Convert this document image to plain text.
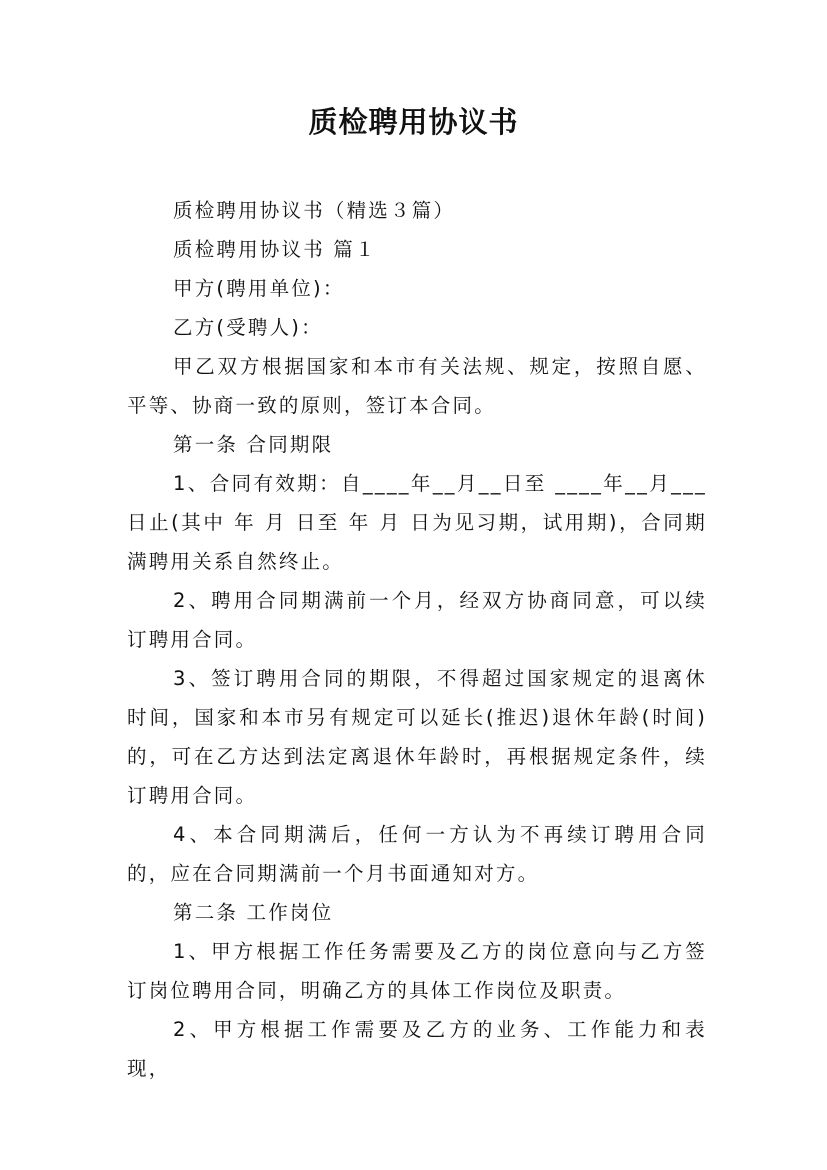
质检聘用协议书

质检聘用协议书（精选３篇）

质检聘用协议书 篇１

甲方(聘用单位)：

乙方(受聘人)：

甲乙双方根据国家和本市有关法规、规定，按照自愿、平等、协商一致的原则，签订本合同。

第一条 合同期限

1、合同有效期：自____年__月__日至 ____年__月___日止(其中 年 月 日至 年 月 日为见习期，试用期)，合同期满聘用关系自然终止。

2、聘用合同期满前一个月，经双方协商同意，可以续订聘用合同。

3、签订聘用合同的期限，不得超过国家规定的退离休时间，国家和本市另有规定可以延长(推迟)退休年龄(时间)的，可在乙方达到法定离退休年龄时，再根据规定条件，续订聘用合同。

4、本合同期满后，任何一方认为不再续订聘用合同的，应在合同期满前一个月书面通知对方。

第二条 工作岗位

1、甲方根据工作任务需要及乙方的岗位意向与乙方签订岗位聘用合同，明确乙方的具体工作岗位及职责。

2、甲方根据工作需要及乙方的业务、工作能力和表现，
